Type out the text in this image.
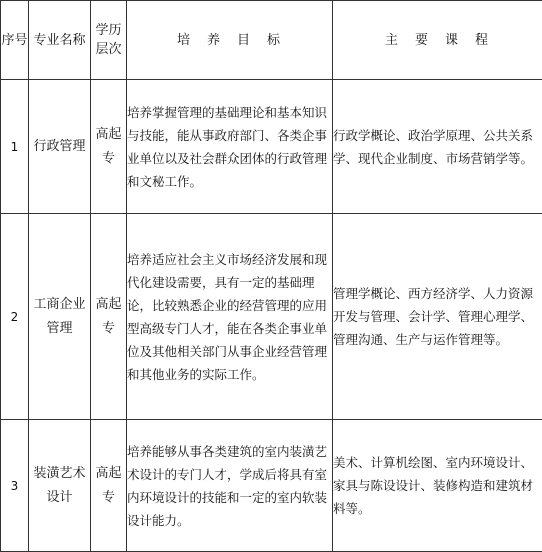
序号	专业名称	学历层次	培　养　目　标	主　要　课　程
1	行政管理	高起专	培养掌握管理的基础理论和基本知识与技能，能从事政府部门、各类企事业单位以及社会群众团体的行政管理和文秘工作。	行政学概论、政治学原理、公共关系学、现代企业制度、市场营销学等。
2	工商企业管理	高起专	培养适应社会主义市场经济发展和现代化建设需要，具有一定的基础理论，比较熟悉企业的经营管理的应用型高级专门人才，能在各类企事业单位及其他相关部门从事企业经营管理和其他业务的实际工作。	管理学概论、西方经济学、人力资源开发与管理、会计学、管理心理学、管理沟通、生产与运作管理等。
3	装潢艺术设计	高起专	培养能够从事各类建筑的室内装潢艺术设计的专门人才，学成后将具有室内环境设计的技能和一定的室内软装设计能力。	美术、计算机绘图、室内环境设计、家具与陈设设计、装修构造和建筑材料等。
